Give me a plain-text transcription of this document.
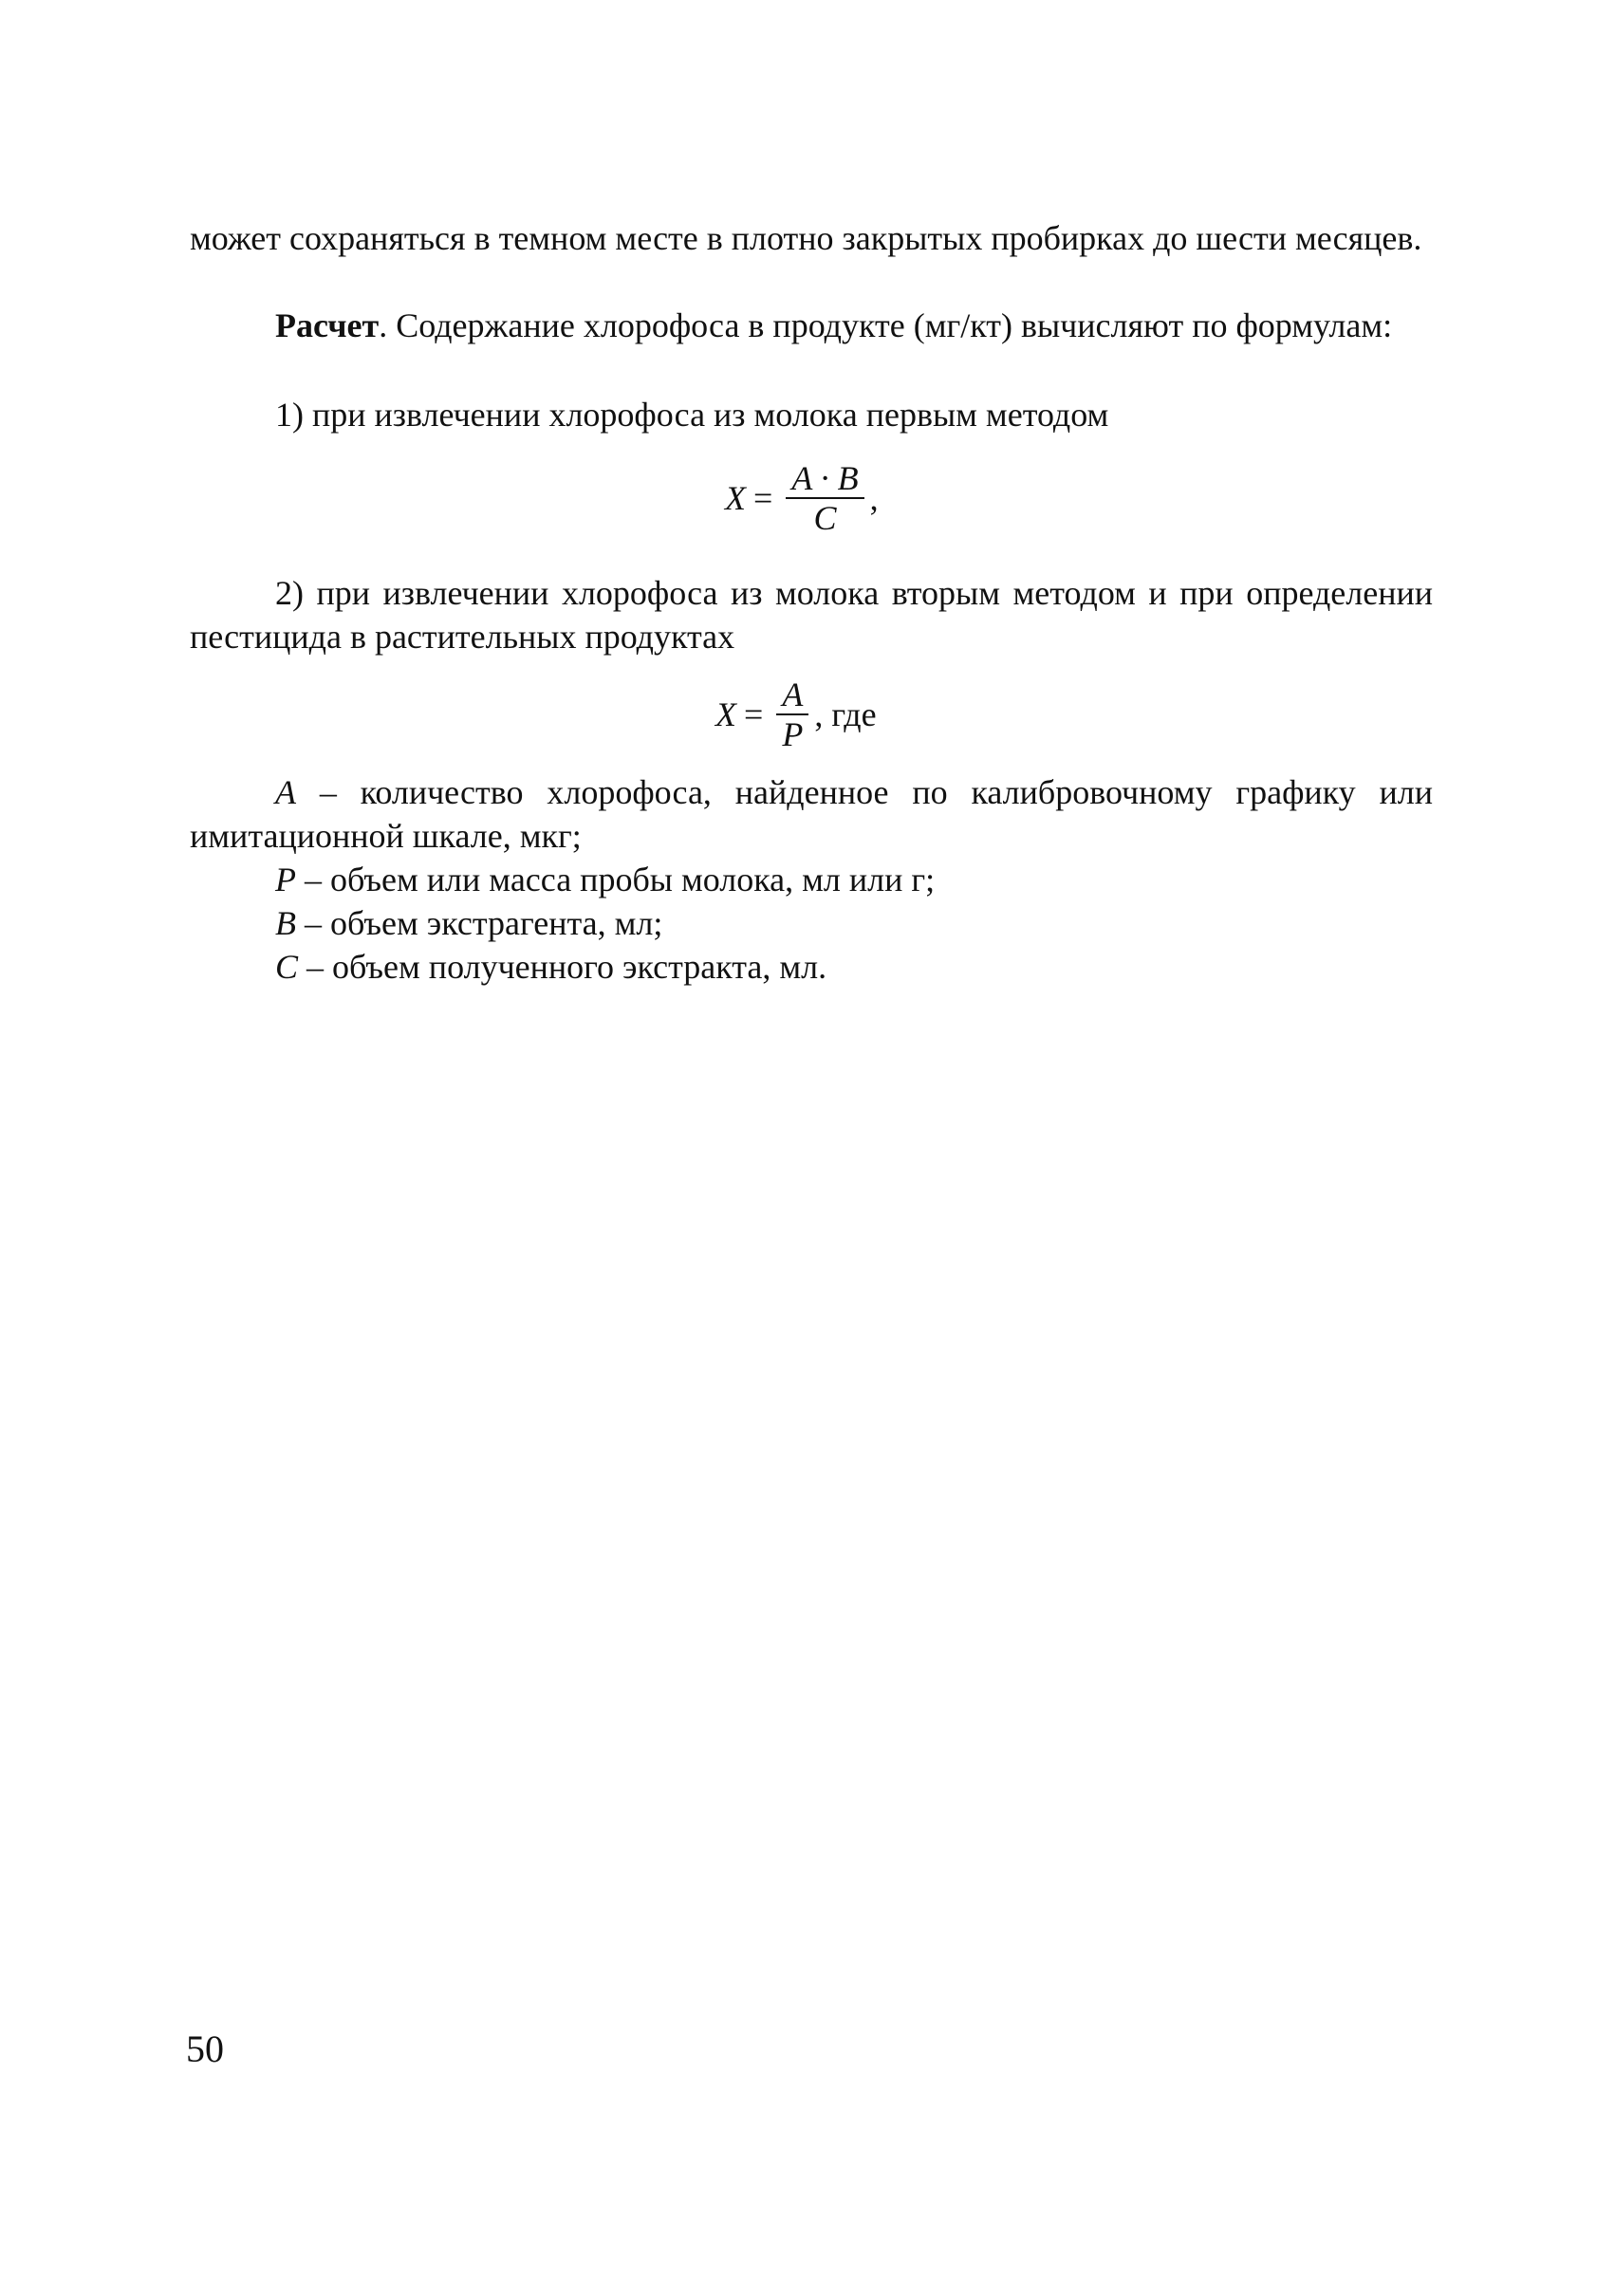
может сохраняться в темном месте в плотно закрытых пробирках до шести месяцев.

Расчет. Содержание хлорофоса в продукте (мг/кт) вычисляют по формулам:

1) при извлечении хлорофоса из молока первым методом

$X = \frac{A \cdot B}{C}$ ,

2) при извлечении хлорофоса из молока вторым методом и при определении пестицида в растительных продуктах

$X = \frac{A}{P}$ , где

A – количество хлорофоса, найденное по калибровочному графику или имитационной шкале, мкг;

P – объем или масса пробы молока, мл или г;

B – объем экстрагента, мл;

C – объем полученного экстракта, мл.

50
